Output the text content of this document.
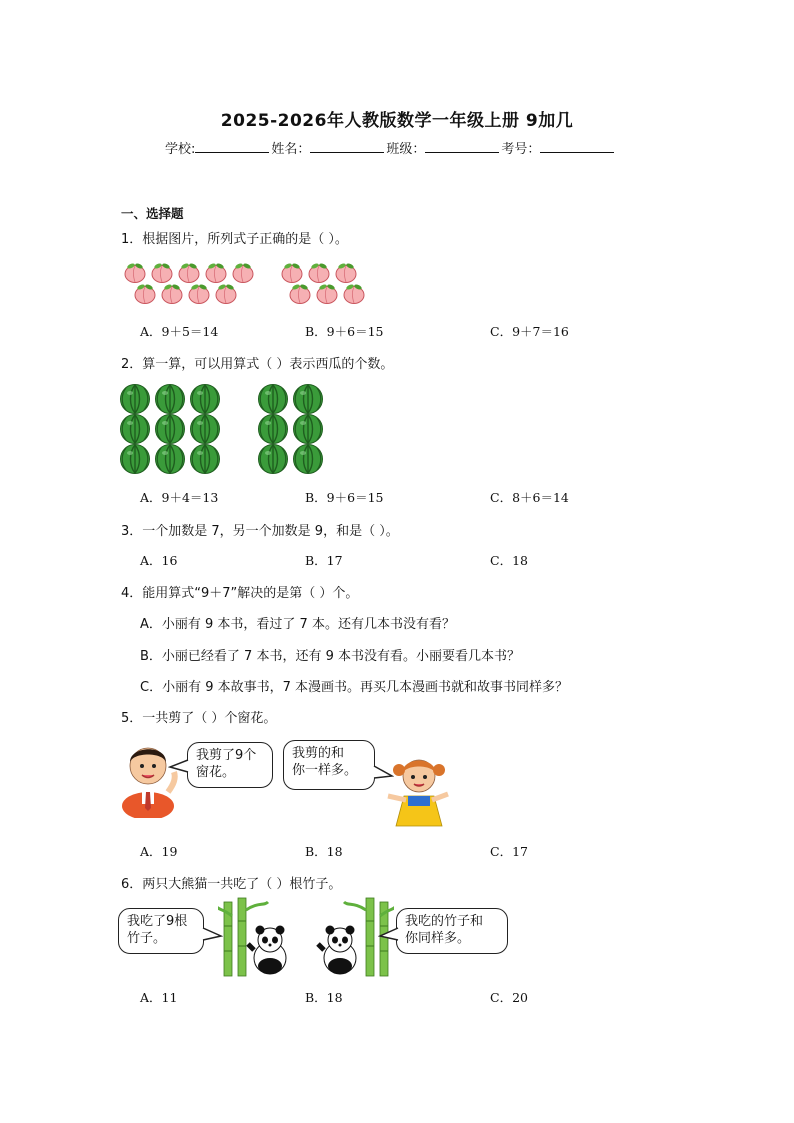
2025-2026年人教版数学一年级上册 9加几
学校:	姓名：	班级：	考号：
一、选择题
1．根据图片，所列式子正确的是（ ）。
A．9＋5＝14	B．9＋6＝15	C．9＋7＝16
2．算一算，可以用算式（ ）表示西瓜的个数。
A．9＋4＝13	B．9＋6＝15	C．8＋6＝14
3．一个加数是 7，另一个加数是 9，和是（ ）。
A．16	B．17	C．18
4．能用算式“9＋7”解决的是第（ ）个。
A．小丽有 9 本书，看过了 7 本。还有几本书没有看？
B．小丽已经看了 7 本书，还有 9 本书没有看。小丽要看几本书？
C．小丽有 9 本故事书，7 本漫画书。再买几本漫画书就和故事书同样多？
5．一共剪了（ ）个窗花。
我剪了9个
窗花。
我剪的和
你一样多。
A．19	B．18	C．17
6．两只大熊猫一共吃了（ ）根竹子。
我吃了9根
竹子。
我吃的竹子和
你同样多。
A．11	B．18	C．20
